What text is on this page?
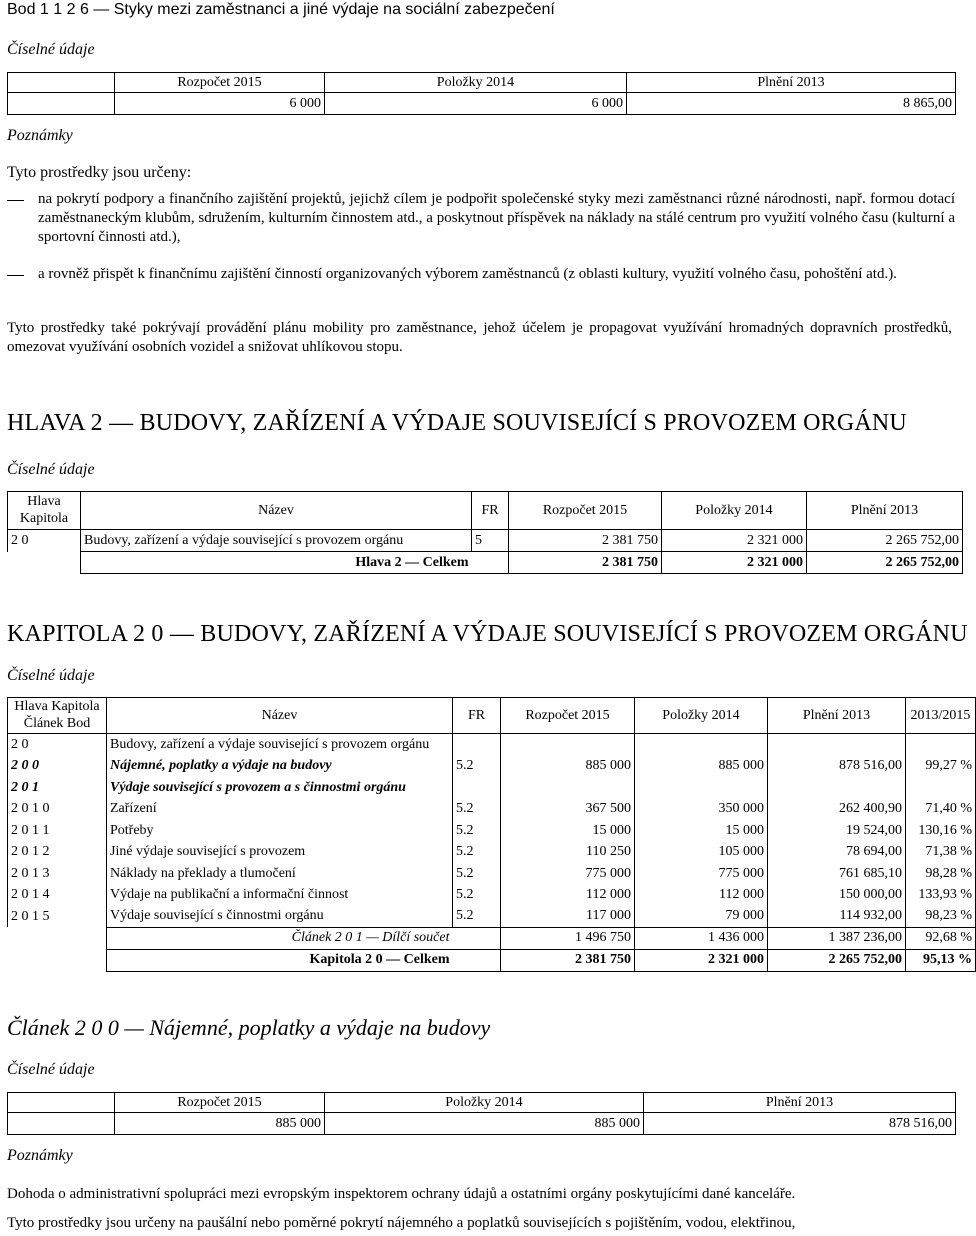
Bod 1 1 2 6 — Styky mezi zaměstnanci a jiné výdaje na sociální zabezpečení
Číselné údaje
	Rozpočet 2015	Položky 2014	Plnění 2013
	6 000	6 000	8 865,00
Poznámky
Tyto prostředky jsou určeny:
na pokrytí podpory a finančního zajištění projektů, jejichž cílem je podpořit společenské styky mezi zaměstnanci různé národnosti, např. formou dotací zaměstnaneckým klubům, sdružením, kulturním činnostem atd., a poskytnout příspěvek na náklady na stálé centrum pro využití volného času (kulturní a sportovní činnosti atd.),
a rovněž přispět k finančnímu zajištění činností organizovaných výborem zaměstnanců (z oblasti kultury, využití volného času, pohoštění atd.).
Tyto prostředky také pokrývají provádění plánu mobility pro zaměstnance, jehož účelem je propagovat využívání hromadných dopravních prostředků, omezovat využívání osobních vozidel a snižovat uhlíkovou stopu.
HLAVA 2 — BUDOVY, ZAŘÍZENÍ A VÝDAJE SOUVISEJÍCÍ S PROVOZEM ORGÁNU
Číselné údaje
Hlava
Kapitola	Název	FR	Rozpočet 2015	Položky 2014	Plnění 2013
2 0	Budovy, zařízení a výdaje související s provozem orgánu	5	2 381 750	2 321 000	2 265 752,00
	Hlava 2 — Celkem		2 381 750	2 321 000	2 265 752,00
KAPITOLA 2 0 — BUDOVY, ZAŘÍZENÍ A VÝDAJE SOUVISEJÍCÍ S PROVOZEM ORGÁNU
Číselné údaje
Hlava Kapitola
Článek Bod	Název	FR	Rozpočet 2015	Položky 2014	Plnění 2013	2013/2015
2 0	Budovy, zařízení a výdaje související s provozem orgánu					
2 0 0	Nájemné, poplatky a výdaje na budovy	5.2	885 000	885 000	878 516,00	99,27 %
2 0 1	Výdaje související s provozem a s činnostmi orgánu					
2 0 1 0	Zařízení	5.2	367 500	350 000	262 400,90	71,40 %
2 0 1 1	Potřeby	5.2	15 000	15 000	19 524,00	130,16 %
2 0 1 2	Jiné výdaje související s provozem	5.2	110 250	105 000	78 694,00	71,38 %
2 0 1 3	Náklady na překlady a tlumočení	5.2	775 000	775 000	761 685,10	98,28 %
2 0 1 4	Výdaje na publikační a informační činnost	5.2	112 000	112 000	150 000,00	133,93 %
2 0 1 5	Výdaje související s činnostmi orgánu	5.2	117 000	79 000	114 932,00	98,23 %
	Článek 2 0 1 — Dílčí součet		1 496 750	1 436 000	1 387 236,00	92,68 %
	Kapitola 2 0 — Celkem		2 381 750	2 321 000	2 265 752,00	95,13 %
Článek 2 0 0 — Nájemné, poplatky a výdaje na budovy
Číselné údaje
	Rozpočet 2015	Položky 2014	Plnění 2013
	885 000	885 000	878 516,00
Poznámky
Dohoda o administrativní spolupráci mezi evropským inspektorem ochrany údajů a ostatními orgány poskytujícími dané kanceláře.
Tyto prostředky jsou určeny na paušální nebo poměrné pokrytí nájemného a poplatků souvisejících s pojištěním, vodou, elektřinou,
